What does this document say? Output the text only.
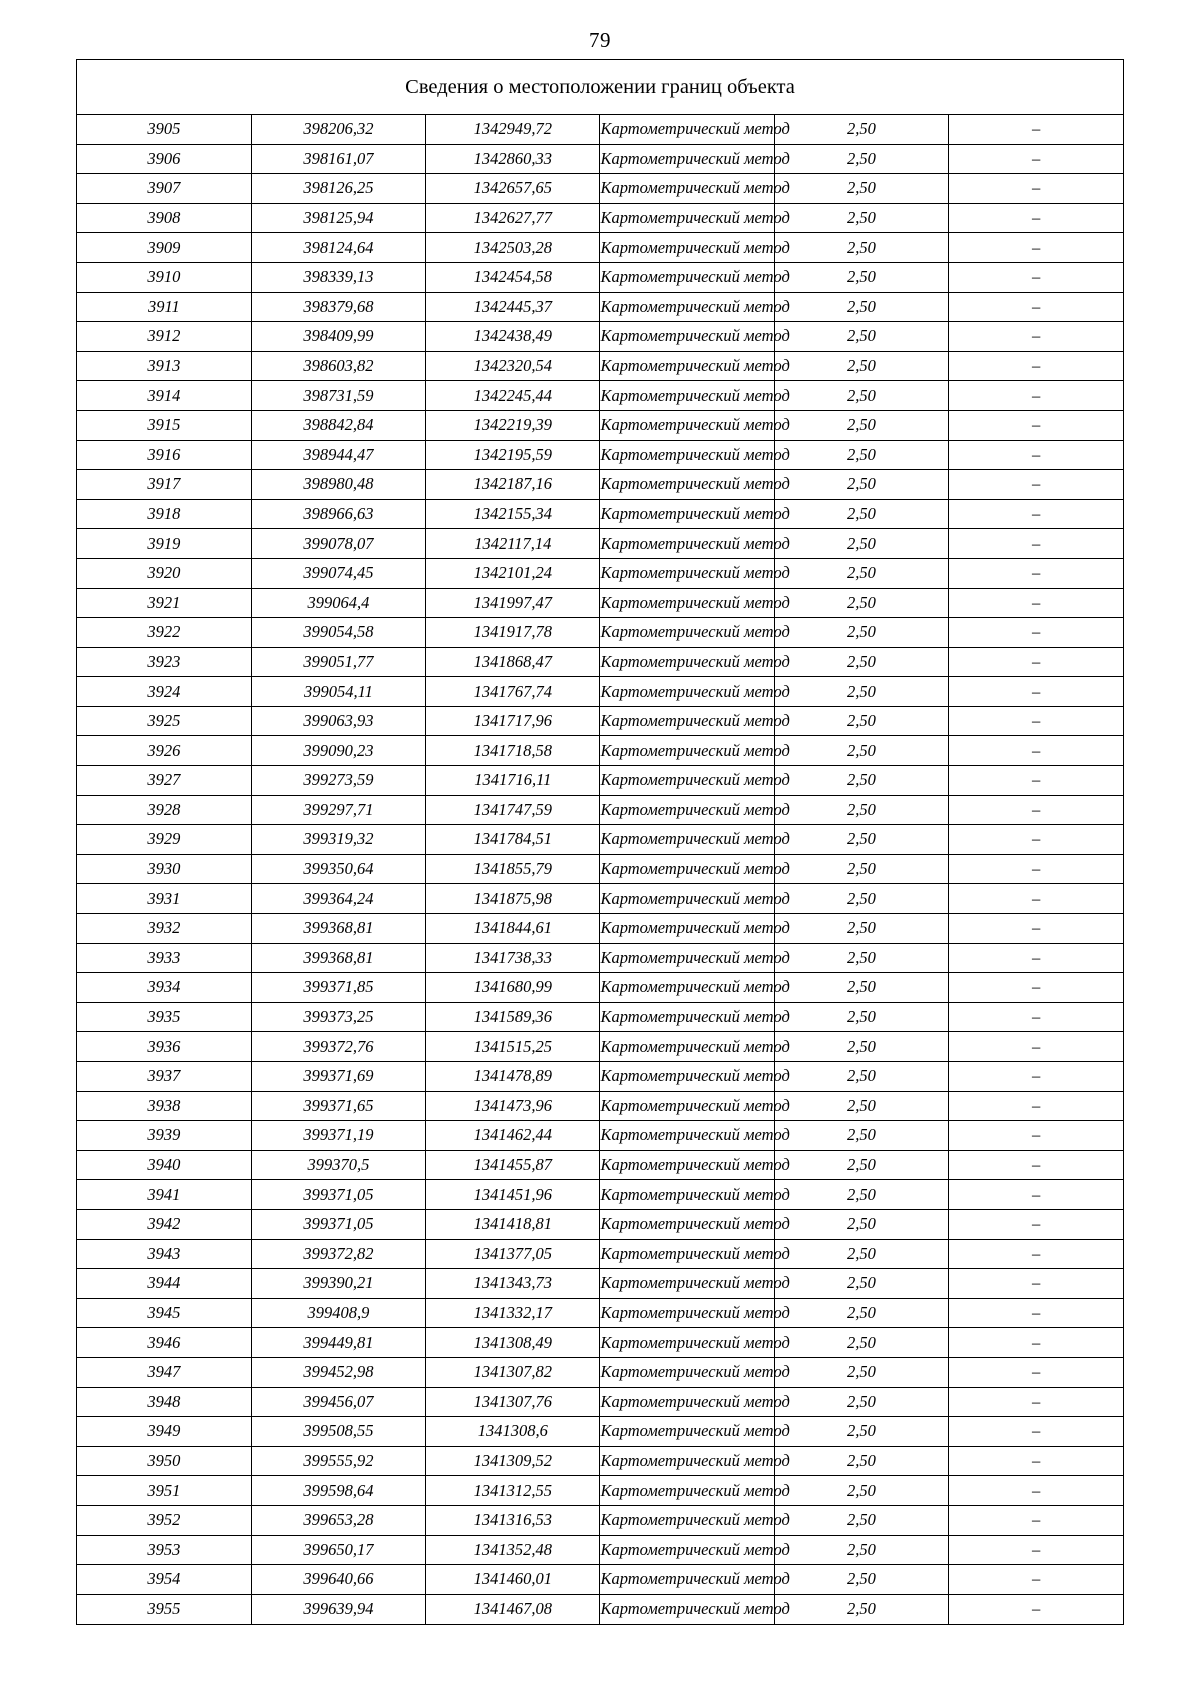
79
Сведения о местоположении границ объекта					
3905	398206,32	1342949,72	Картометрический метод	2,50	–
3906	398161,07	1342860,33	Картометрический метод	2,50	–
3907	398126,25	1342657,65	Картометрический метод	2,50	–
3908	398125,94	1342627,77	Картометрический метод	2,50	–
3909	398124,64	1342503,28	Картометрический метод	2,50	–
3910	398339,13	1342454,58	Картометрический метод	2,50	–
3911	398379,68	1342445,37	Картометрический метод	2,50	–
3912	398409,99	1342438,49	Картометрический метод	2,50	–
3913	398603,82	1342320,54	Картометрический метод	2,50	–
3914	398731,59	1342245,44	Картометрический метод	2,50	–
3915	398842,84	1342219,39	Картометрический метод	2,50	–
3916	398944,47	1342195,59	Картометрический метод	2,50	–
3917	398980,48	1342187,16	Картометрический метод	2,50	–
3918	398966,63	1342155,34	Картометрический метод	2,50	–
3919	399078,07	1342117,14	Картометрический метод	2,50	–
3920	399074,45	1342101,24	Картометрический метод	2,50	–
3921	399064,4	1341997,47	Картометрический метод	2,50	–
3922	399054,58	1341917,78	Картометрический метод	2,50	–
3923	399051,77	1341868,47	Картометрический метод	2,50	–
3924	399054,11	1341767,74	Картометрический метод	2,50	–
3925	399063,93	1341717,96	Картометрический метод	2,50	–
3926	399090,23	1341718,58	Картометрический метод	2,50	–
3927	399273,59	1341716,11	Картометрический метод	2,50	–
3928	399297,71	1341747,59	Картометрический метод	2,50	–
3929	399319,32	1341784,51	Картометрический метод	2,50	–
3930	399350,64	1341855,79	Картометрический метод	2,50	–
3931	399364,24	1341875,98	Картометрический метод	2,50	–
3932	399368,81	1341844,61	Картометрический метод	2,50	–
3933	399368,81	1341738,33	Картометрический метод	2,50	–
3934	399371,85	1341680,99	Картометрический метод	2,50	–
3935	399373,25	1341589,36	Картометрический метод	2,50	–
3936	399372,76	1341515,25	Картометрический метод	2,50	–
3937	399371,69	1341478,89	Картометрический метод	2,50	–
3938	399371,65	1341473,96	Картометрический метод	2,50	–
3939	399371,19	1341462,44	Картометрический метод	2,50	–
3940	399370,5	1341455,87	Картометрический метод	2,50	–
3941	399371,05	1341451,96	Картометрический метод	2,50	–
3942	399371,05	1341418,81	Картометрический метод	2,50	–
3943	399372,82	1341377,05	Картометрический метод	2,50	–
3944	399390,21	1341343,73	Картометрический метод	2,50	–
3945	399408,9	1341332,17	Картометрический метод	2,50	–
3946	399449,81	1341308,49	Картометрический метод	2,50	–
3947	399452,98	1341307,82	Картометрический метод	2,50	–
3948	399456,07	1341307,76	Картометрический метод	2,50	–
3949	399508,55	1341308,6	Картометрический метод	2,50	–
3950	399555,92	1341309,52	Картометрический метод	2,50	–
3951	399598,64	1341312,55	Картометрический метод	2,50	–
3952	399653,28	1341316,53	Картометрический метод	2,50	–
3953	399650,17	1341352,48	Картометрический метод	2,50	–
3954	399640,66	1341460,01	Картометрический метод	2,50	–
3955	399639,94	1341467,08	Картометрический метод	2,50	–
